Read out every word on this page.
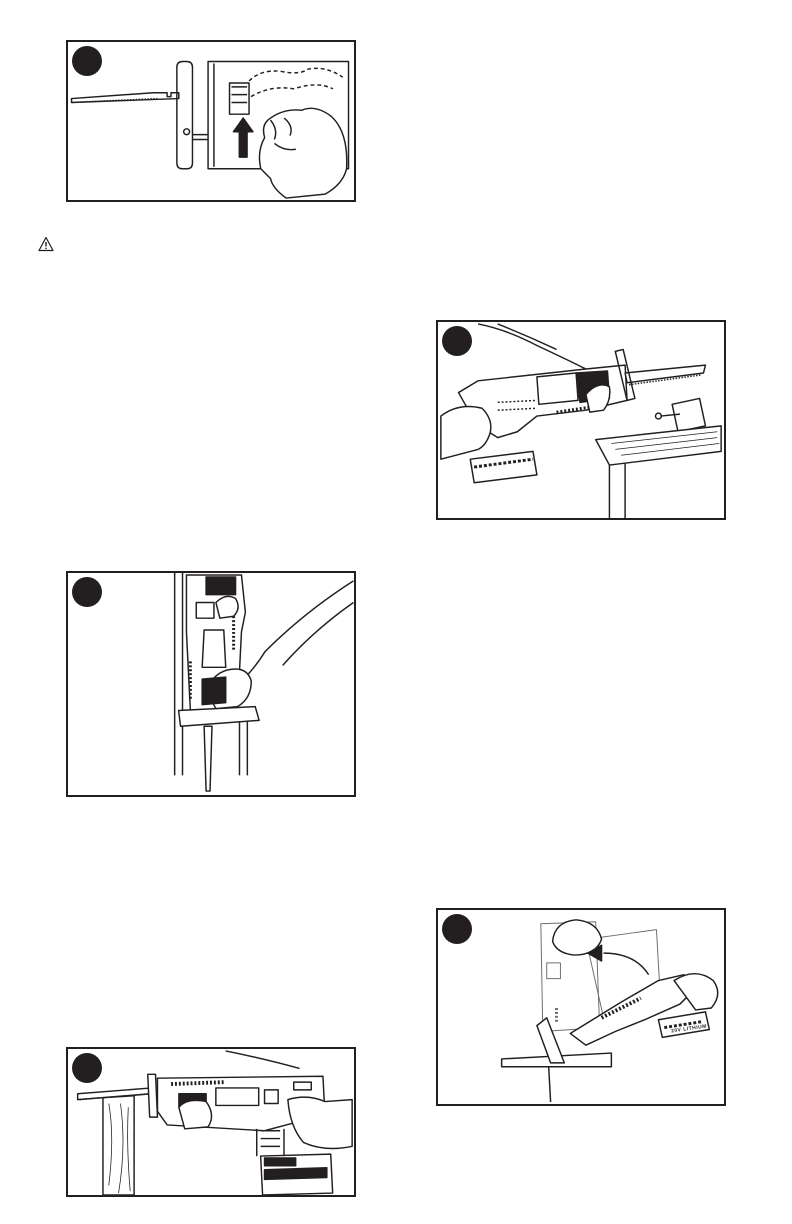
20V LITHIUM
LITHIUM
20V LITHIUM
